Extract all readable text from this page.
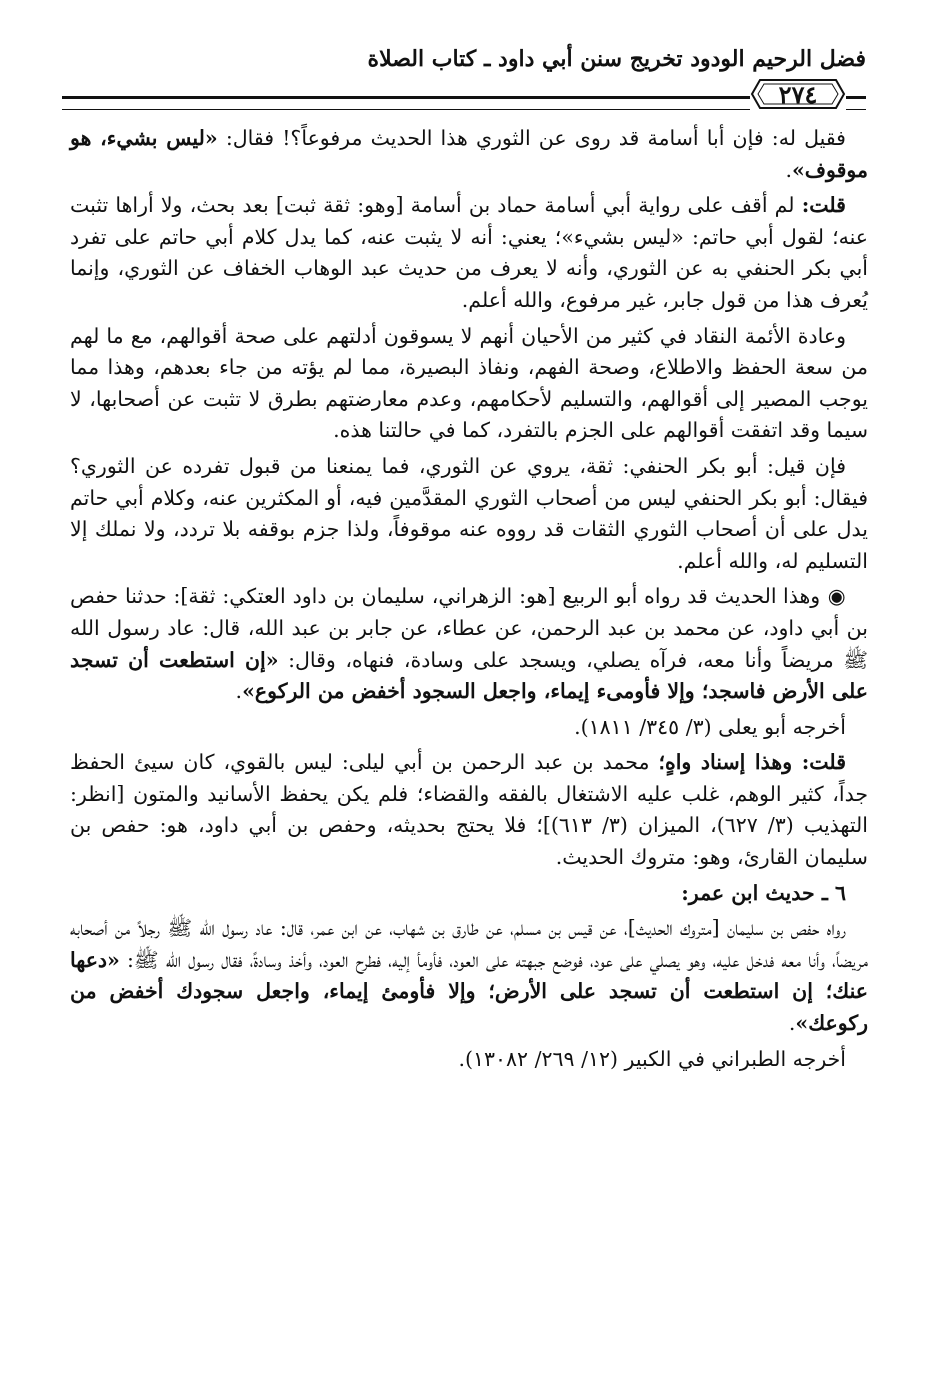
فضل الرحيم الودود تخريج سنن أبي داود ـ كتاب الصلاة
٢٧٤

فقيل له: فإن أبا أسامة قد روى عن الثوري هذا الحديث مرفوعاً؟! فقال: «ليس بشيء، هو موقوف».

قلت: لم أقف على رواية أبي أسامة حماد بن أسامة [وهو: ثقة ثبت] بعد بحث، ولا أراها تثبت عنه؛ لقول أبي حاتم: «ليس بشيء»؛ يعني: أنه لا يثبت عنه، كما يدل كلام أبي حاتم على تفرد أبي بكر الحنفي به عن الثوري، وأنه لا يعرف من حديث عبد الوهاب الخفاف عن الثوري، وإنما يُعرف هذا من قول جابر، غير مرفوع، والله أعلم.

وعادة الأئمة النقاد في كثير من الأحيان أنهم لا يسوقون أدلتهم على صحة أقوالهم، مع ما لهم من سعة الحفظ والاطلاع، وصحة الفهم، ونفاذ البصيرة، مما لم يؤته من جاء بعدهم، وهذا مما يوجب المصير إلى أقوالهم، والتسليم لأحكامهم، وعدم معارضتهم بطرق لا تثبت عن أصحابها، لا سيما وقد اتفقت أقوالهم على الجزم بالتفرد، كما في حالتنا هذه.

فإن قيل: أبو بكر الحنفي: ثقة، يروي عن الثوري، فما يمنعنا من قبول تفرده عن الثوري؟ فيقال: أبو بكر الحنفي ليس من أصحاب الثوري المقدَّمين فيه، أو المكثرين عنه، وكلام أبي حاتم يدل على أن أصحاب الثوري الثقات قد رووه عنه موقوفاً، ولذا جزم بوقفه بلا تردد، ولا نملك إلا التسليم له، والله أعلم.

◉ وهذا الحديث قد رواه أبو الربيع [هو: الزهراني، سليمان بن داود العتكي: ثقة]: حدثنا حفص بن أبي داود، عن محمد بن عبد الرحمن، عن عطاء، عن جابر بن عبد الله، قال: عاد رسول الله ﷺ مريضاً وأنا معه، فرآه يصلي، ويسجد على وسادة، فنهاه، وقال: «إن استطعت أن تسجد على الأرض فاسجد؛ وإلا فأومىء إيماء، واجعل السجود أخفض من الركوع».

أخرجه أبو يعلى (٣/ ٣٤٥/ ١٨١١).

قلت: وهذا إسناد واهٍ؛ محمد بن عبد الرحمن بن أبي ليلى: ليس بالقوي، كان سيئ الحفظ جداً، كثير الوهم، غلب عليه الاشتغال بالفقه والقضاء؛ فلم يكن يحفظ الأسانيد والمتون [انظر: التهذيب (٣/ ٦٢٧)، الميزان (٣/ ٦١٣)]؛ فلا يحتج بحديثه، وحفص بن أبي داود، هو: حفص بن سليمان القارئ، وهو: متروك الحديث.

٦ ـ حديث ابن عمر:

رواه حفص بن سليمان [متروك الحديث]، عن قيس بن مسلم، عن طارق بن شهاب، عن ابن عمر، قال: عاد رسول الله ﷺ رجلاً من أصحابه مريضاً، وأنا معه فدخل عليه، وهو يصلي على عود، فوضع جبهته على العود، فأومأ إليه، فطرح العود، وأخذ وسادةً، فقال رسول الله ﷺ: «دعها عنك؛ إن استطعت أن تسجد على الأرض؛ وإلا فأومئ إيماء، واجعل سجودك أخفض من ركوعك».

أخرجه الطبراني في الكبير (١٢/ ٢٦٩/ ١٣٠٨٢).
